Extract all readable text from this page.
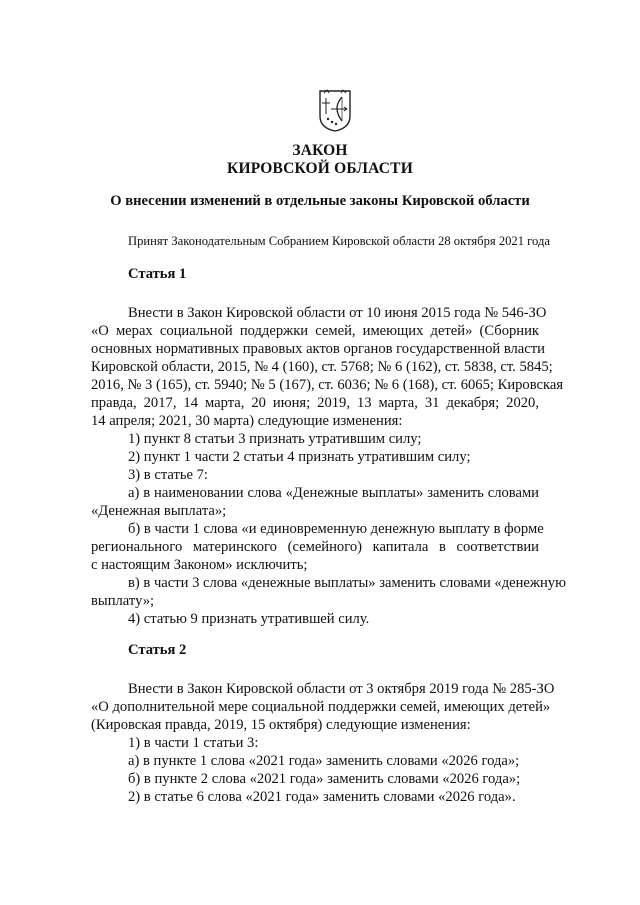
ЗАКОН
КИРОВСКОЙ ОБЛАСТИ
О внесении изменений в отдельные законы Кировской области
Принят Законодательным Собранием Кировской области 28 октября 2021 года
Статья 1
Внести в Закон Кировской области от 10 июня 2015 года № 546-ЗО
«О мерах социальной поддержки семей, имеющих детей» (Сборник
основных нормативных правовых актов органов государственной власти
Кировской области, 2015, № 4 (160), ст. 5768; № 6 (162), ст. 5838, ст. 5845;
2016, № 3 (165), ст. 5940; № 5 (167), ст. 6036; № 6 (168), ст. 6065; Кировская
правда, 2017, 14 марта, 20 июня; 2019, 13 марта, 31 декабря; 2020,
14 апреля; 2021, 30 марта) следующие изменения:
1) пункт 8 статьи 3 признать утратившим силу;
2) пункт 1 части 2 статьи 4 признать утратившим силу;
3) в статье 7:
а) в наименовании слова «Денежные выплаты» заменить словами
«Денежная выплата»;
б) в части 1 слова «и единовременную денежную выплату в форме
регионального материнского (семейного) капитала в соответствии
с настоящим Законом» исключить;
в) в части 3 слова «денежные выплаты» заменить словами «денежную
выплату»;
4) статью 9 признать утратившей силу.
Статья 2
Внести в Закон Кировской области от 3 октября 2019 года № 285-ЗО
«О дополнительной мере социальной поддержки семей, имеющих детей»
(Кировская правда, 2019, 15 октября) следующие изменения:
1) в части 1 статьи 3:
а) в пункте 1 слова «2021 года» заменить словами «2026 года»;
б) в пункте 2 слова «2021 года» заменить словами «2026 года»;
2) в статье 6 слова «2021 года» заменить словами «2026 года».
